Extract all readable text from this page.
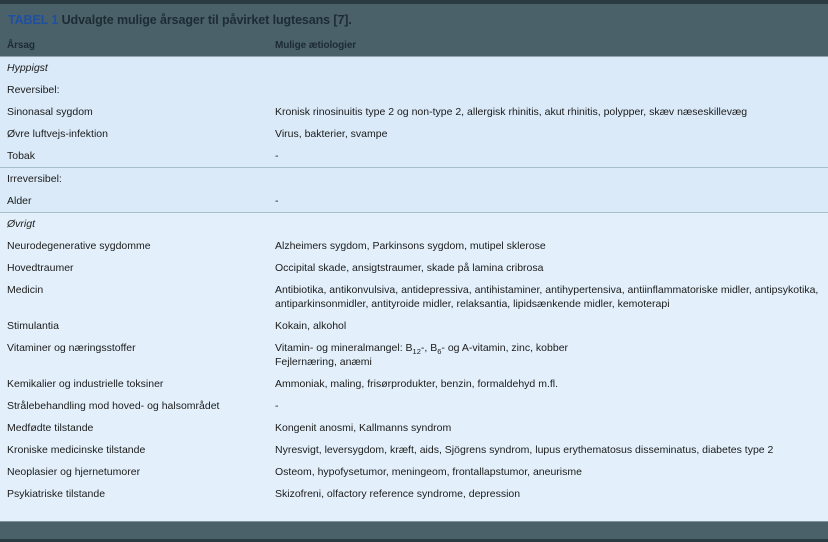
TABEL 1 Udvalgte mulige årsager til påvirket lugtesans [7].
Årsag	Mulige ætiologier
Hyppigst
Reversibel:
Sinonasal sygdom	Kronisk rinosinuitis type 2 og non-type 2, allergisk rhinitis, akut rhinitis, polypper, skæv næseskillevæg
Øvre luftvejs-infektion	Virus, bakterier, svampe
Tobak	-
Irreversibel:
Alder	-
Øvrigt
Neurodegenerative sygdomme	Alzheimers sygdom, Parkinsons sygdom, mutipel sklerose
Hovedtraumer	Occipital skade, ansigtstraumer, skade på lamina cribrosa
Medicin	Antibiotika, antikonvulsiva, antidepressiva, antihistaminer, antihypertensiva, antiinflammatoriske midler, antipsykotika, antiparkinsonmidler, antityroide midler, relaksantia, lipidsænkende midler, kemoterapi
Stimulantia	Kokain, alkohol
Vitaminer og næringsstoffer	Vitamin- og mineralmangel: $B_{12}-$, $B_6-$ og A-vitamin, zinc, kobber
Fejlernæring, anæmi
Kemikalier og industrielle toksiner	Ammoniak, maling, frisørprodukter, benzin, formaldehyd m.fl.
Strålebehandling mod hoved- og halsområdet	-
Medfødte tilstande	Kongenit anosmi, Kallmanns syndrom
Kroniske medicinske tilstande	Nyresvigt, leversygdom, kræft, aids, Sjögrens syndrom, lupus erythematosus disseminatus, diabetes type 2
Neoplasier og hjernetumorer	Osteom, hypofysetumor, meningeom, frontallapstumor, aneurisme
Psykiatriske tilstande	Skizofreni, olfactory reference syndrome, depression
